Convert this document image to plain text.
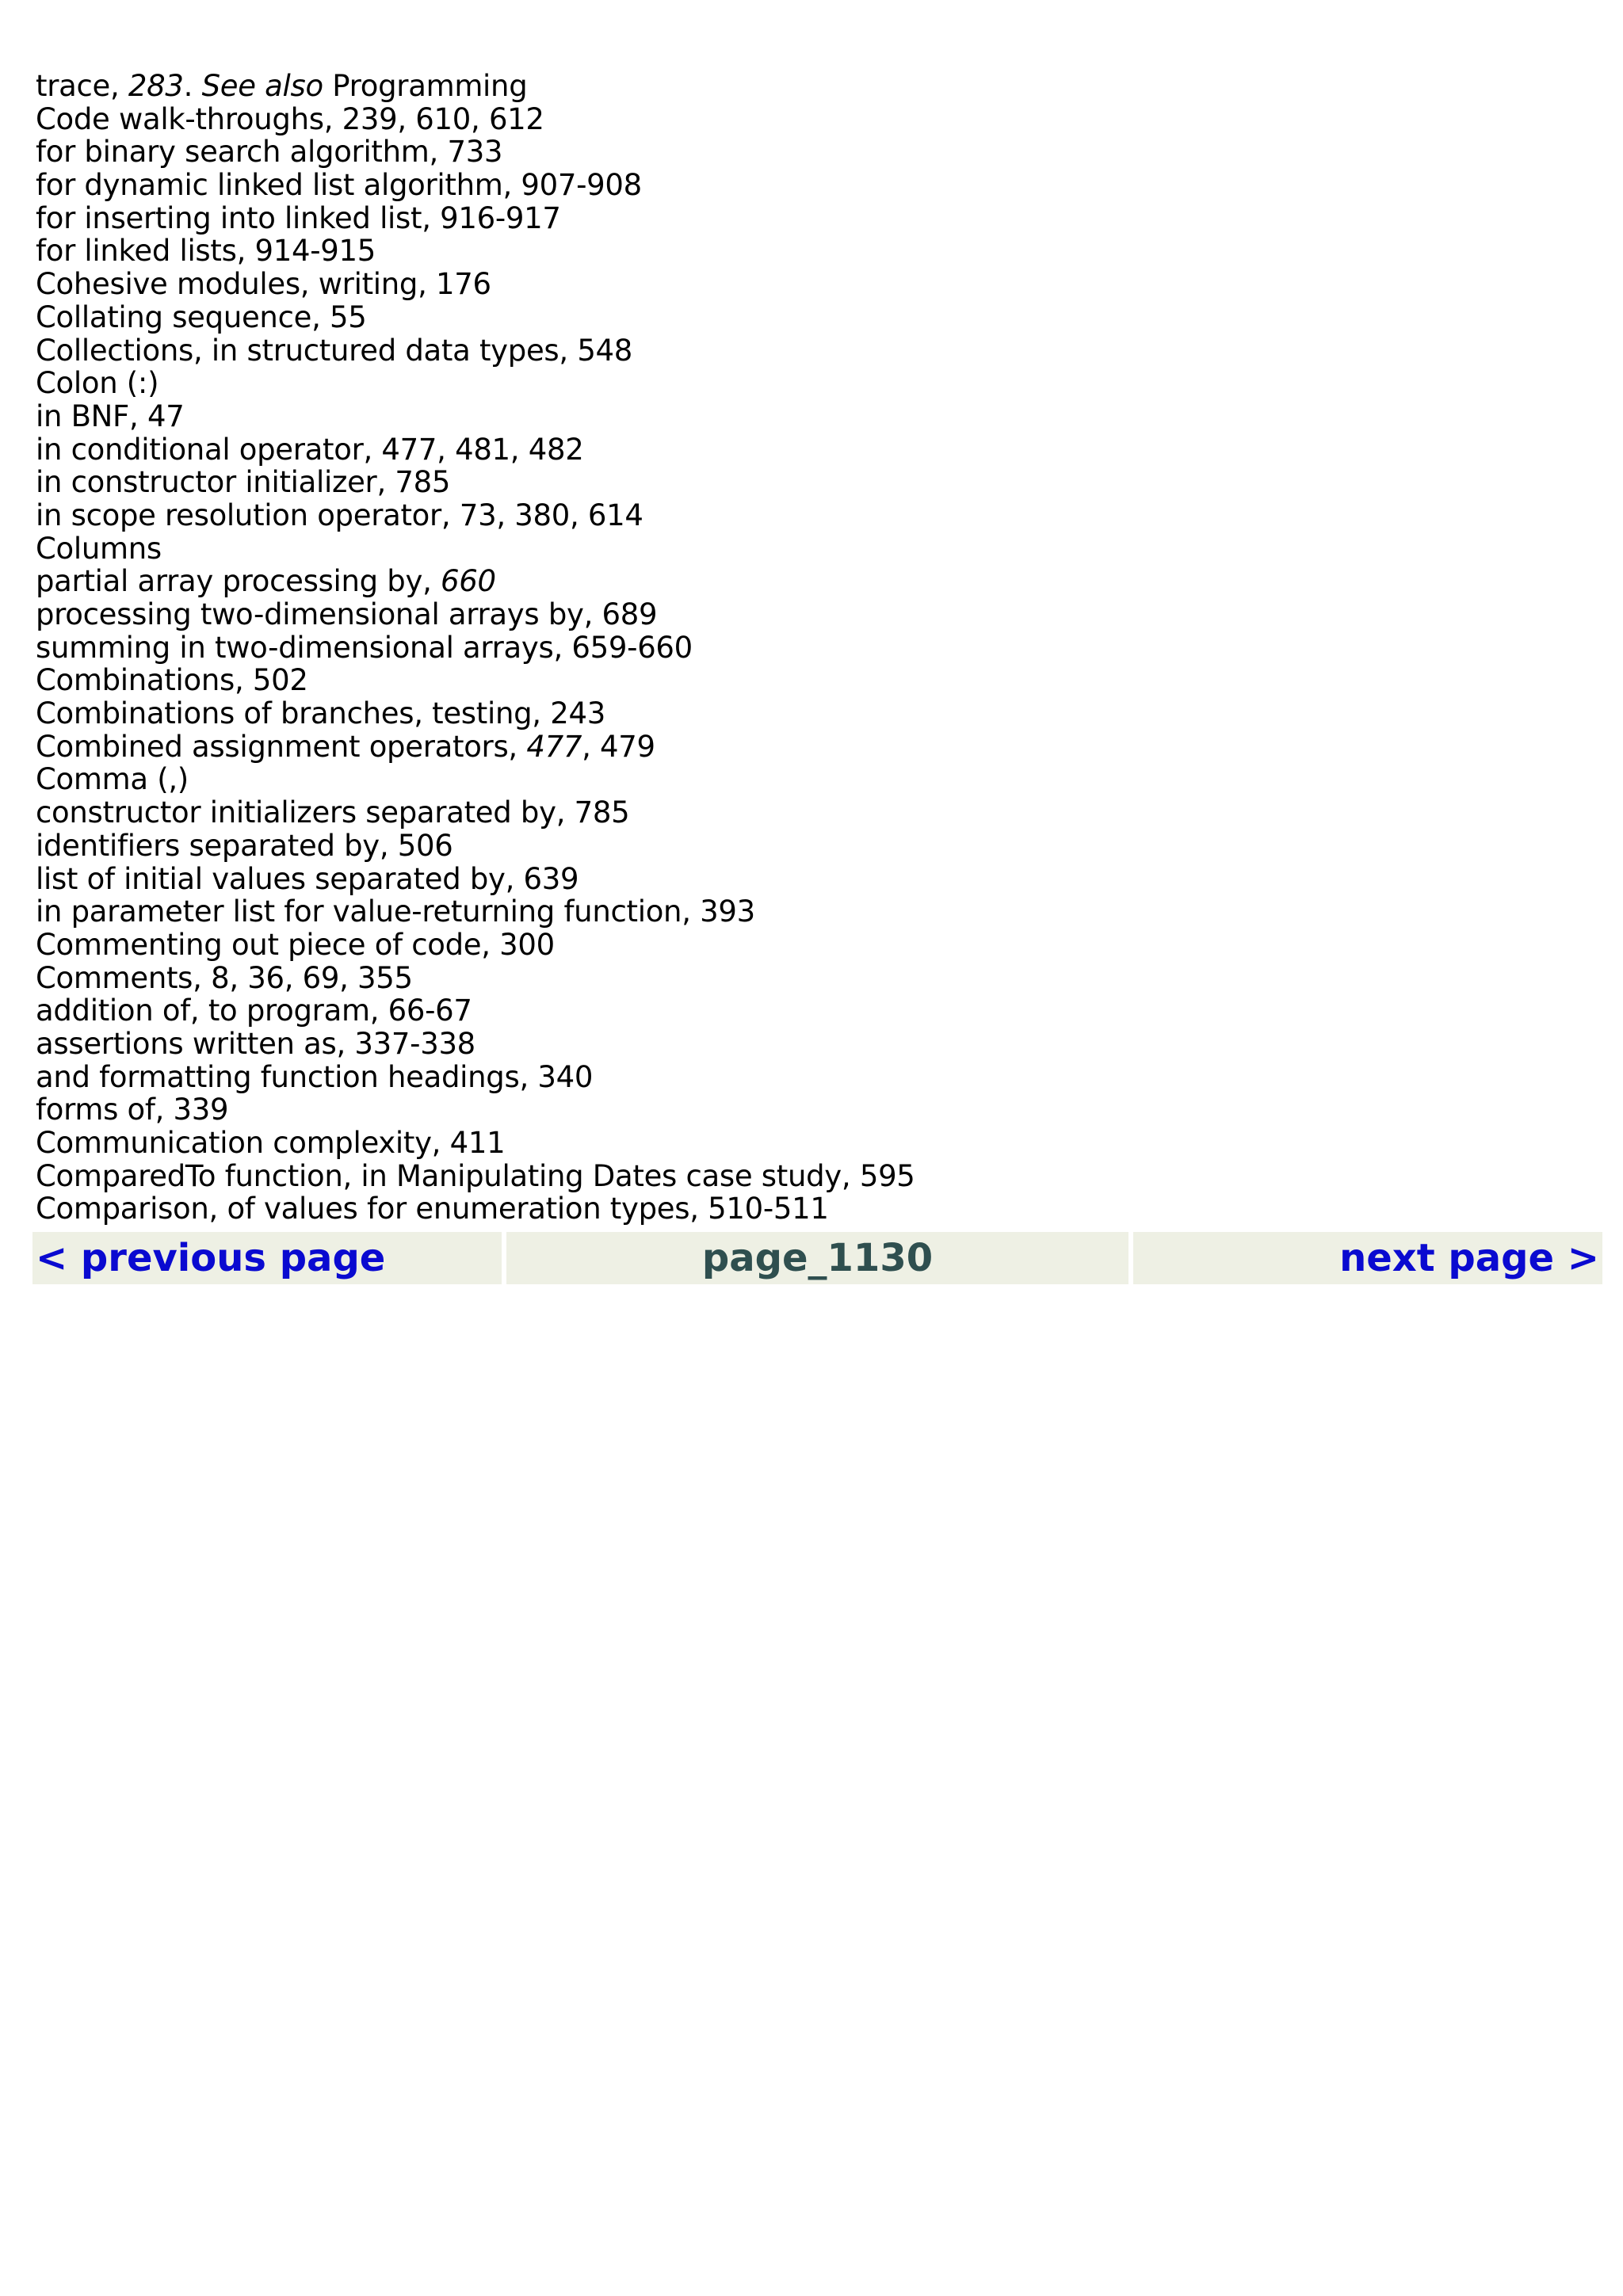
trace, 283. See also Programming
Code walk-throughs, 239, 610, 612
for binary search algorithm, 733
for dynamic linked list algorithm, 907-908
for inserting into linked list, 916-917
for linked lists, 914-915
Cohesive modules, writing, 176
Collating sequence, 55
Collections, in structured data types, 548
Colon (:)
in BNF, 47
in conditional operator, 477, 481, 482
in constructor initializer, 785
in scope resolution operator, 73, 380, 614
Columns
partial array processing by, 660
processing two-dimensional arrays by, 689
summing in two-dimensional arrays, 659-660
Combinations, 502
Combinations of branches, testing, 243
Combined assignment operators, 477, 479
Comma (,)
constructor initializers separated by, 785
identifiers separated by, 506
list of initial values separated by, 639
in parameter list for value-returning function, 393
Commenting out piece of code, 300
Comments, 8, 36, 69, 355
addition of, to program, 66-67
assertions written as, 337-338
and formatting function headings, 340
forms of, 339
Communication complexity, 411
ComparedTo function, in Manipulating Dates case study, 595
Comparison, of values for enumeration types, 510-511
< previous page	page_1130	next page >
